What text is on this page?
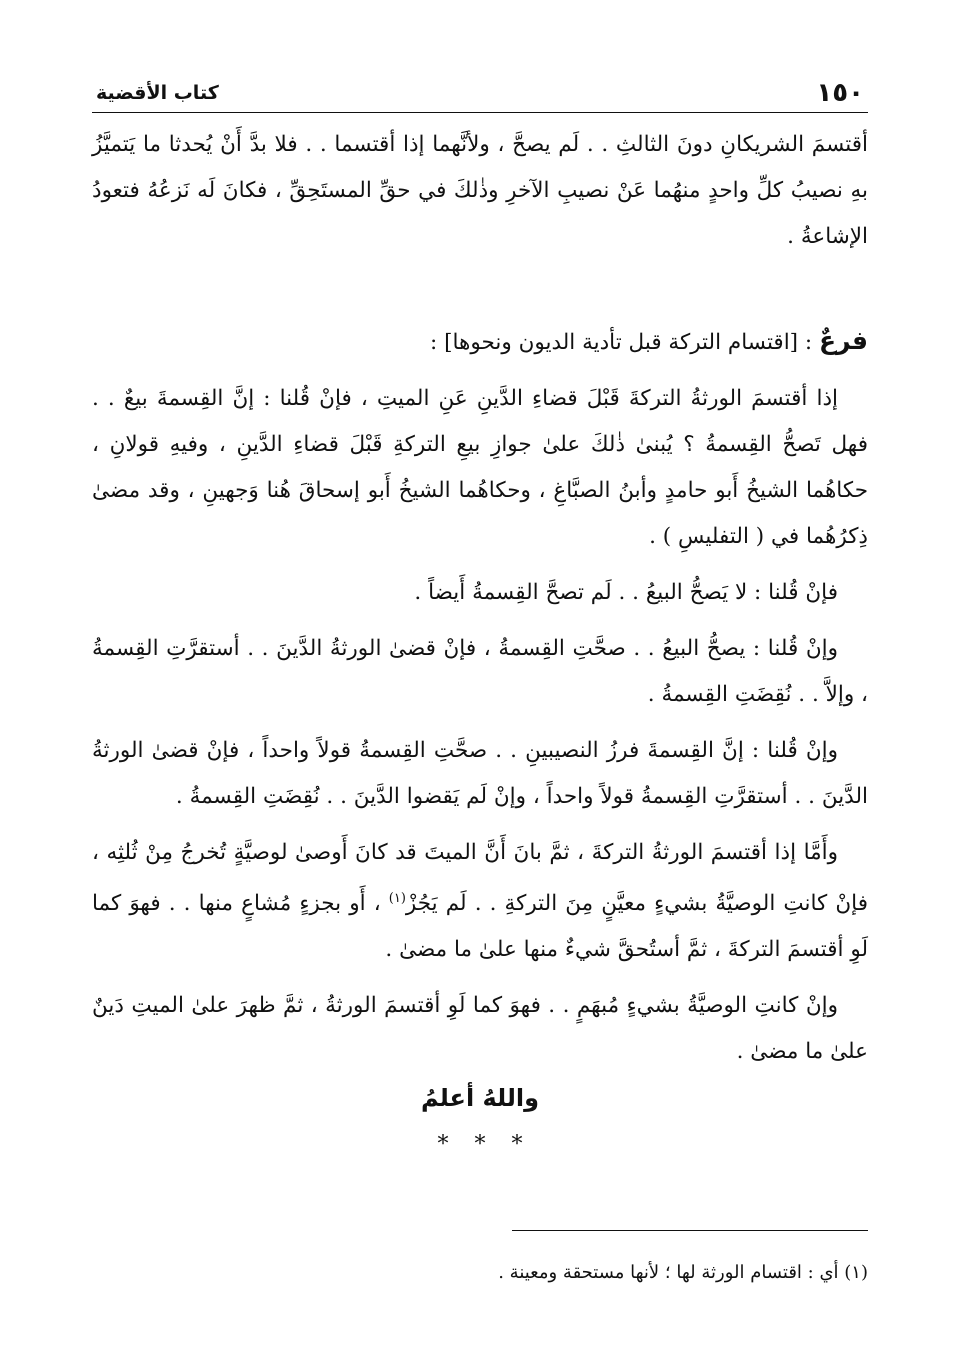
١٥٠
كتاب الأقضية

أقتسمَ الشريكانِ دونَ الثالثِ . . لَم يصحَّ ، ولأنَّهما إذا أقتسما . . فلا بدَّ أَنْ يُحدثا ما يَتميَّزُ بهِ نصيبُ كلِّ واحدٍ منهُما عَنْ نصيبِ الآخرِ وذٰلكَ في حقِّ المستَحِقِّ ، فكانَ لَه نَزعُهُ فتعودُ الإشاعةُ .

فرعٌ : [اقتسام التركة قبل تأدية الديون ونحوها] :

إذا أقتسمَ الورثةُ التركةَ قَبْلَ قضاءِ الدَّينِ عَنِ الميتِ ، فإنْ قُلنا : إنَّ القِسمةَ بيعٌ . . فهل تَصحُّ القِسمةُ ؟ يُبنىٰ ذٰلكَ علىٰ جوازِ بيعِ التركةِ قَبْلَ قضاءِ الدَّينِ ، وفيهِ قولانِ ، حكاهُما الشيخُ أَبو حامدٍ وأبنُ الصبَّاغِ ، وحكاهُما الشيخُ أَبو إسحاقَ هُنا وَجهينِ ، وقد مضىٰ ذِكرُهُما في ( التفليسِ ) .

فإنْ قُلنا : لا يَصحُّ البيعُ . . لَم تصحَّ القِسمةُ أَيضاً .

وإنْ قُلنا : يصحُّ البيعُ . . صحَّتِ القِسمةُ ، فإنْ قضىٰ الورثةُ الدَّينَ . . أستقرَّتِ القِسمةُ ، وإلاَّ . . نُقِضَتِ القِسمةُ .

وإنْ قُلنا : إنَّ القِسمةَ فرزُ النصيبينِ . . صحَّتِ القِسمةُ قولاً واحداً ، فإنْ قضىٰ الورثةُ الدَّينَ . . أستقرَّتِ القِسمةُ قولاً واحداً ، وإنْ لَم يَقضوا الدَّينَ . . نُقِضَتِ القِسمةُ .

وأَمَّا إذا أقتسمَ الورثةُ التركةَ ، ثمَّ بانَ أَنَّ الميتَ قد كانَ أَوصىٰ لوصيَّةٍ تُخرجُ مِنْ ثُلثِه ، فإنْ كانتِ الوصيَّةُ بشيءٍ معيَّنٍ مِنَ التركةِ . . لَم يَجُزْ$^{(١)}$ ، أَو بجزءٍ مُشاعٍ منها . . فهوَ كما لَوِ أقتسمَ التركةَ ، ثمَّ أستُحقَّ شيءٌ منها علىٰ ما مضىٰ .

وإنْ كانتِ الوصيَّةُ بشيءٍ مُبهَمٍ . . فهوَ كما لَوِ أقتسمَ الورثةُ ، ثمَّ ظهرَ علىٰ الميتِ دَينٌ علىٰ ما مضىٰ .

واللهُ أعلمُ
***
(١) أي : اقتسام الورثة لها ؛ لأنها مستحقة ومعينة .
